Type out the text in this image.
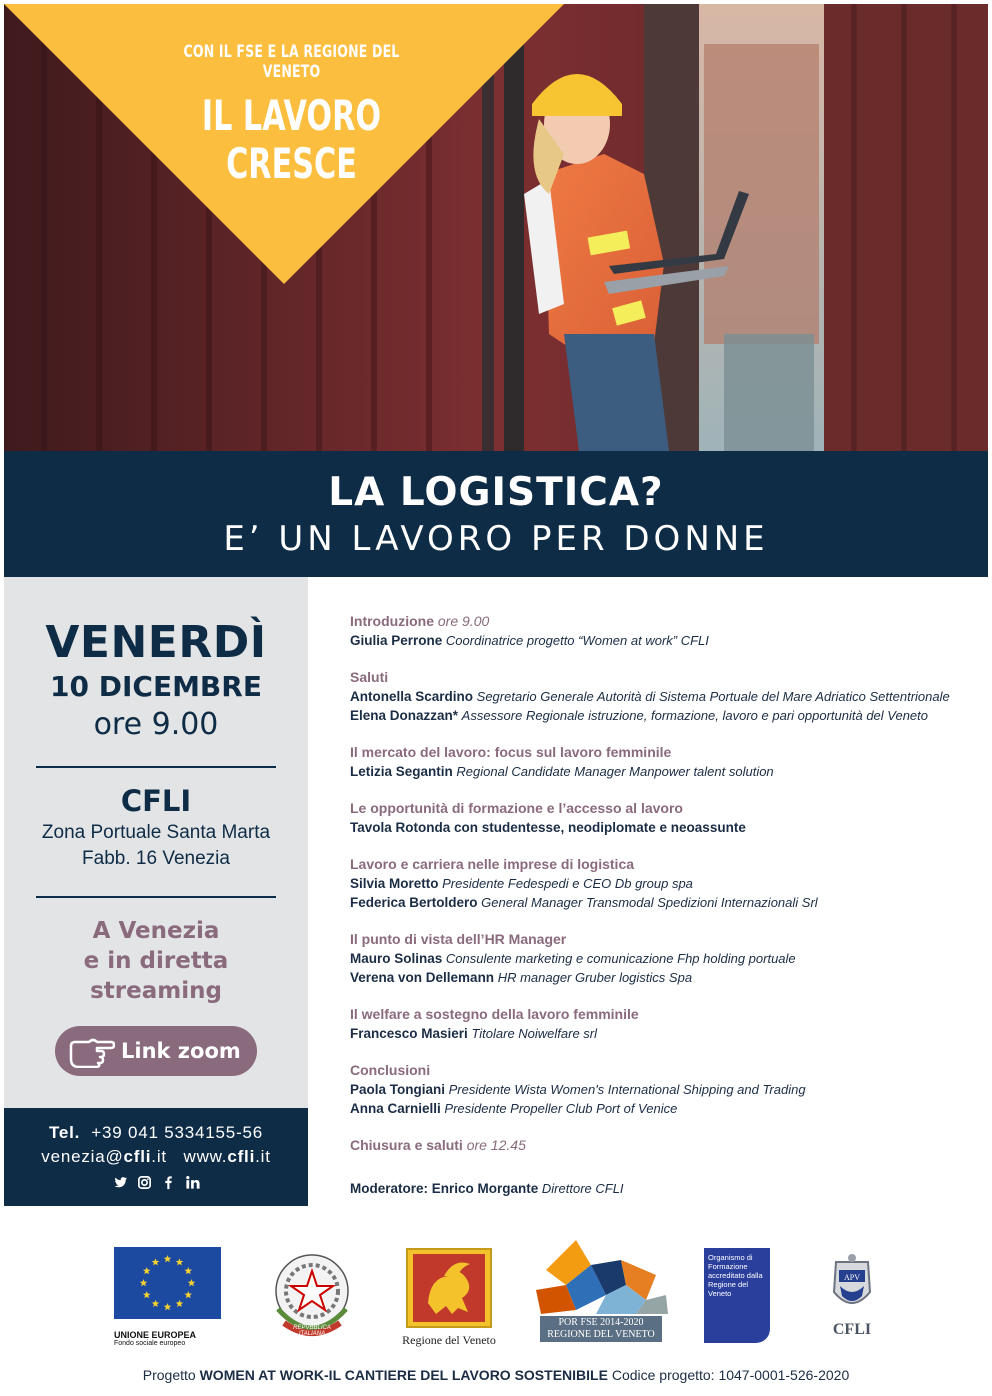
CON IL FSE E LA REGIONE DEL VENETO
IL LAVORO
CRESCE
LA LOGISTICA?
E’ UN LAVORO PER DONNE
VENERDÌ
10 DICEMBRE
ore 9.00
CFLI
Zona Portuale Santa Marta
Fabb. 16 Venezia
A Venezia
e in diretta
streaming
Link zoom
Tel. +39 041 5334155-56
venezia@cfli.it www.cfli.it
Introduzione ore 9.00
Giulia Perrone Coordinatrice progetto “Women at work” CFLI
Saluti
Antonella Scardino Segretario Generale Autorità di Sistema Portuale del Mare Adriatico Settentrionale
Elena Donazzan* Assessore Regionale istruzione, formazione, lavoro e pari opportunità del Veneto
Il mercato del lavoro: focus sul lavoro femminile
Letizia Segantin Regional Candidate Manager Manpower talent solution
Le opportunità di formazione e l’accesso al lavoro
Tavola Rotonda con studentesse, neodiplomate e neoassunte
Lavoro e carriera nelle imprese di logistica
Silvia Moretto Presidente Fedespedi e CEO Db group spa
Federica Bertoldero General Manager Transmodal Spedizioni Internazionali Srl
Il punto di vista dell’HR Manager
Mauro Solinas Consulente marketing e comunicazione Fhp holding portuale
Verena von Dellemann HR manager Gruber logistics Spa
Il welfare a sostegno della lavoro femminile
Francesco Masieri Titolare Noiwelfare srl
Conclusioni
Paola Tongiani Presidente Wista Women's International Shipping and Trading
Anna Carnielli Presidente Propeller Club Port of Venice
Chiusura e saluti ore 12.45
Moderatore: Enrico Morgante Direttore CFLI
UNIONE EUROPEA
Fondo sociale europeo
REPVBBLICA ITALIANA	Regione del Veneto
POR FSE 2014-2020
REGIONE DEL VENETO
Organismo di Formazione accreditato dalla Regione del Veneto
APV
CFLI
Progetto WOMEN AT WORK-IL CANTIERE DEL LAVORO SOSTENIBILE Codice progetto: 1047-0001-526-2020
